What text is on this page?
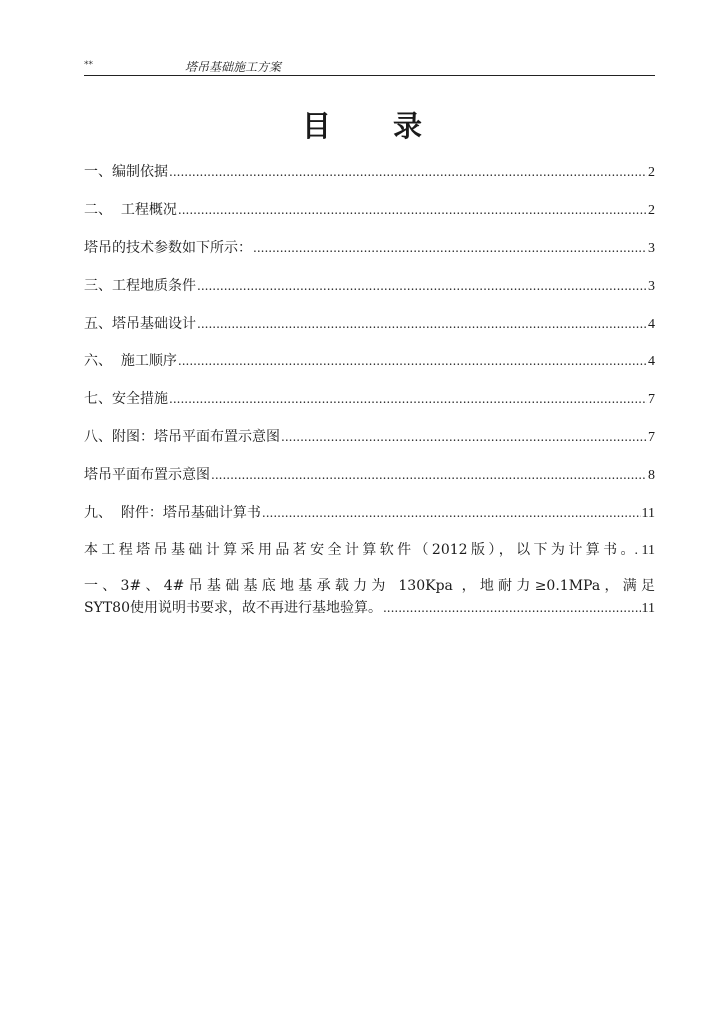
**	塔吊基础施工方案
目录
一、编制依据 .....	2
二、  工程概况 .....	2
塔吊的技术参数如下所示： .....	3
三、工程地质条件 .....	3
五、塔吊基础设计 .....	4
六、  施工顺序 .....	4
七、安全措施 .....	7
八、附图：塔吊平面布置示意图 .....	7
塔吊平面布置示意图 .....	8
九、  附件：塔吊基础计算书 .....	11
本工程塔吊基础计算采用品茗安全计算软件（2012版），以下为计算书。 . 11
一、3#、4#吊基础基底地基承载力为 130Kpa ，地耐力≥0.1MPa，满足
SYT80使用说明书要求，故不再进行基地验算。 .....	11
